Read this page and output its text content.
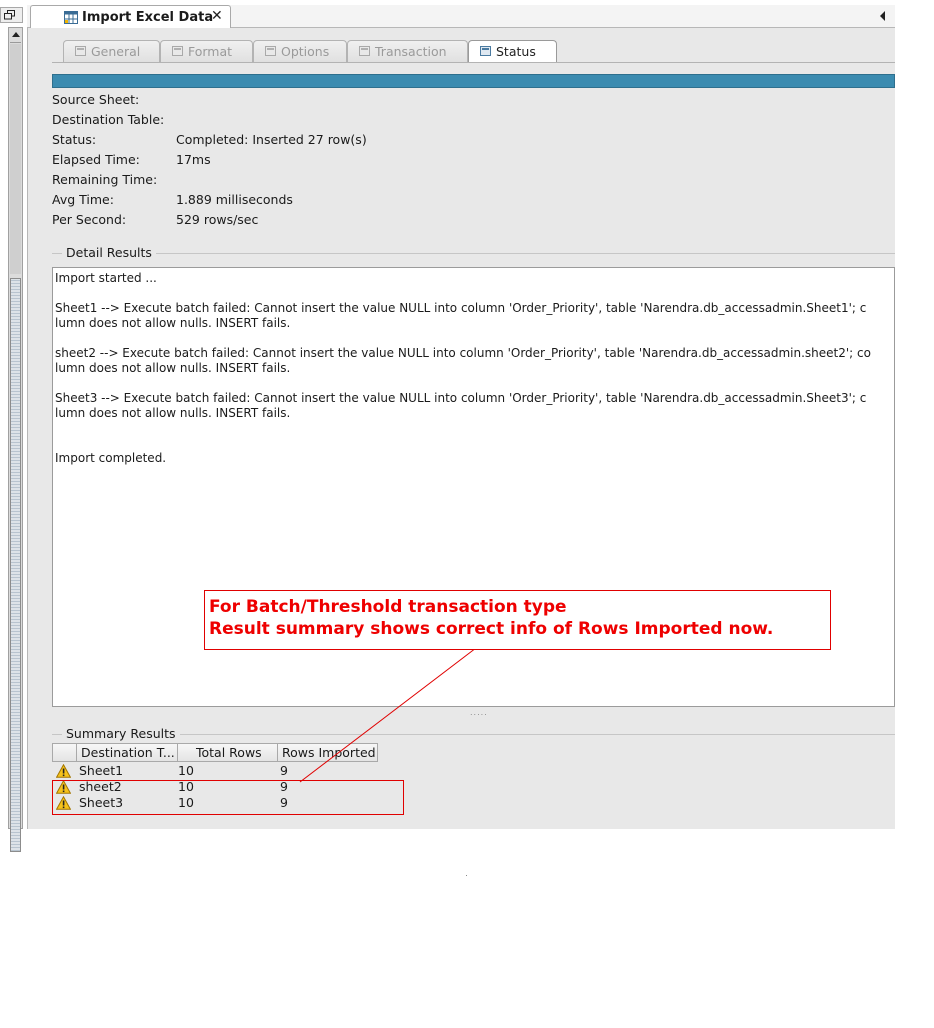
Import Excel Data
✕
General	Format	Options	Transaction	Status
Source Sheet:
Destination Table:
Status:	Completed: Inserted 27 row(s)
Elapsed Time:	17ms
Remaining Time:
Avg Time:	1.889 milliseconds
Per Second:	529 rows/sec
Detail Results
Import started ...
Sheet1 --> Execute batch failed: Cannot insert the value NULL into column 'Order_Priority', table 'Narendra.db_accessadmin.Sheet1'; c
lumn does not allow nulls. INSERT fails.
sheet2 --> Execute batch failed: Cannot insert the value NULL into column 'Order_Priority', table 'Narendra.db_accessadmin.sheet2'; co
lumn does not allow nulls. INSERT fails.
Sheet3 --> Execute batch failed: Cannot insert the value NULL into column 'Order_Priority', table 'Narendra.db_accessadmin.Sheet3'; c
lumn does not allow nulls. INSERT fails.
Import completed.
.....
Summary Results
Destination T...	Total Rows	Rows Imported
Sheet1	10	9
sheet2	10	9
Sheet3	10	9
For Batch/Threshold transaction type
Result summary shows correct info of Rows Imported now.
